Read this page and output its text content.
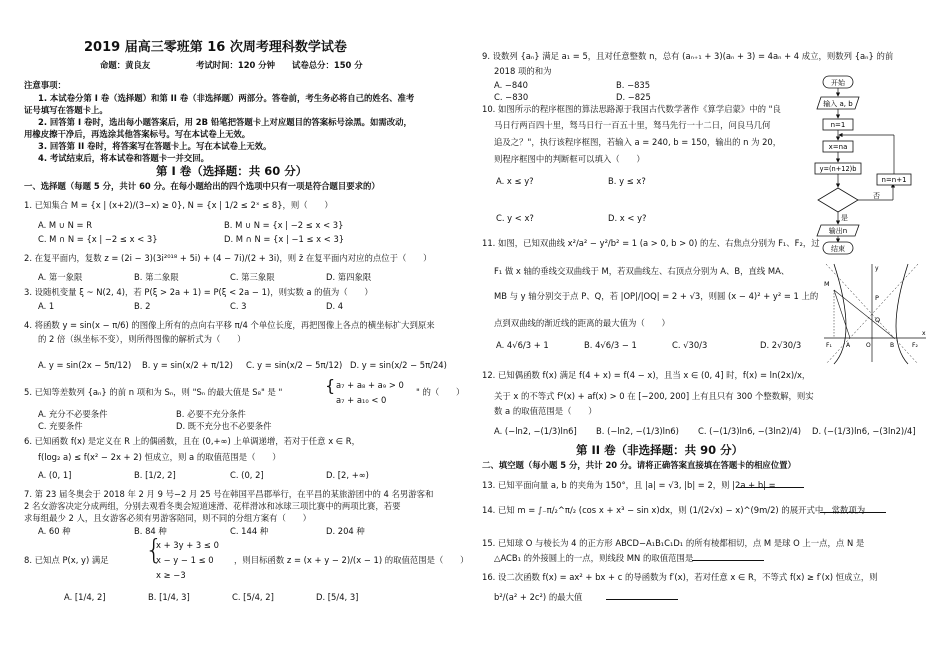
2019 届高三零班第 16 次周考理科数学试卷
命题：黄良友	考试时间：120 分钟 试卷总分：150 分
注意事项：
1. 本试卷分第 I 卷（选择题）和第 II 卷（非选择题）两部分。答卷前，考生务必将自己的姓名、准考
证号填写在答题卡上。
2. 回答第 I 卷时，选出每小题答案后，用 2B 铅笔把答题卡上对应题目的答案标号涂黑。如需改动，
用橡皮擦干净后，再选涂其他答案标号。写在本试卷上无效。
3. 回答第 II 卷时，将答案写在答题卡上。写在本试卷上无效。
4. 考试结束后，将本试卷和答题卡一并交回。
第 I 卷（选择题：共 60 分）
一、选择题（每题 5 分，共计 60 分。在每小题给出的四个选项中只有一项是符合题目要求的）
1. 已知集合 M = {x | (x+2)/(3−x) ≥ 0}, N = {x | 1/2 ≤ 2ˣ ≤ 8}，则（　　）
A. M ∪ N = R	B. M ∪ N = {x | −2 ≤ x < 3}
C. M ∩ N = {x | −2 ≤ x < 3}	D. M ∩ N = {x | −1 ≤ x < 3}
2. 在复平面内，复数 z = (2i − 3)(3i²⁰¹⁸ + 5i) + (4 − 7i)/(2 + 3i)，则 z̄ 在复平面内对应的点位于（　　）
A. 第一象限	B. 第二象限	C. 第三象限	D. 第四象限
3. 设随机变量 ξ ~ N(2, 4)，若 P(ξ > 2a + 1) = P(ξ < 2a − 1)，则实数 a 的值为（　　）
A. 1	B. 2	C. 3	D. 4
4. 将函数 y = sin(x − π/6) 的图像上所有的点向右平移 π/4 个单位长度，再把图像上各点的横坐标扩大到原来
的 2 倍（纵坐标不变），则所得图像的解析式为（　　）
A. y = sin(2x − 5π/12) B. y = sin(x/2 + π/12) C. y = sin(x/2 − 5π/12) D. y = sin(x/2 − 5π/24)
5. 已知等差数列 {aₙ} 的前 n 项和为 Sₙ，则 "Sₙ 的最大值是 S₈" 是 "	{ a₇ + a₈ + a₉ > 0
a₇ + a₁₀ < 0
" 的（　　）
A. 充分不必要条件	B. 必要不充分条件
C. 充要条件	D. 既不充分也不必要条件
6. 已知函数 f(x) 是定义在 R 上的偶函数，且在 (0,+∞) 上单调递增，若对于任意 x ∈ R，
f(log₂ a) ≤ f(x² − 2x + 2) 恒成立，则 a 的取值范围是（　　）
A. (0, 1]	B. [1/2, 2]	C. (0, 2]	D. [2, +∞)
7. 第 23 届冬奥会于 2018 年 2 月 9 号−2 月 25 号在韩国平昌郡举行，在平昌的某旅游团中的 4 名男游客和
2 名女游客决定分成两组，分别去观看冬奥会短道速滑、花样滑冰和冰球三项比赛中的两项比赛，若要
求每组最少 2 人，且女游客必须有男游客陪同，则不同的分组方案有（　　）
A. 60 种	B. 84 种	C. 144 种	D. 204 种
8. 已知点 P(x, y) 满足 {
x + 3y + 3 ≤ 0
x − y − 1 ≤ 0
x ≥ −3
，则目标函数 z = (x + y − 2)/(x − 1) 的取值范围是（　　）
A. [1/4, 2]	B. [1/4, 3]	C. [5/4, 2]	D. [5/4, 3]
9. 设数列 {aₙ} 满足 a₁ = 5，且对任意整数 n，总有 (aₙ₊₁ + 3)(aₙ + 3) = 4aₙ + 4 成立，则数列 {aₙ} 的前
2018 项的和为
A. −840	B. −835
C. −830	D. −825
10. 如图所示的程序框图的算法思路源于我国古代数学著作《算学启蒙》中的 "良
马日行两百四十里，驽马日行一百五十里，驽马先行一十二日，问良马几何
追及之？"，执行该程序框图，若输入 a = 240, b = 150，输出的 n 为 20，
则程序框图中的判断框可以填入（　　）
A. x ≤ y?	B. y ≤ x?
C. y < x?	D. x < y?
开始
输入 a, b
n=1
x=na
y=(n+12)b
否
n=n+1
是
输出n
结束
11. 如图，已知双曲线 x²/a² − y²/b² = 1 (a > 0, b > 0) 的左、右焦点分别为 F₁、F₂，过
F₁ 做 x 轴的垂线交双曲线于 M，若双曲线左、右顶点分别为 A、B，直线 MA、
MB 与 y 轴分别交于点 P、Q，若 |OP|/|OQ| = 2 + √3，则圆 (x − 4)² + y² = 1 上的
点到双曲线的渐近线的距离的最大值为（　　）
A. 4√6/3 + 1	B. 4√6/3 − 1	C. √30/3	D. 2√30/3
M
P
Q
F₁ A	O	B	F₂
x
y
12. 已知偶函数 f(x) 满足 f(4 + x) = f(4 − x)，且当 x ∈ (0, 4] 时，f(x) = ln(2x)/x，
关于 x 的不等式 f²(x) + af(x) > 0 在 [−200, 200] 上有且只有 300 个整数解，则实
数 a 的取值范围是（　　）
A. (−ln2, −(1/3)ln6] B. (−ln2, −(1/3)ln6) C. (−(1/3)ln6, −(3ln2)/4) D. (−(1/3)ln6, −(3ln2)/4]
第 II 卷（非选择题：共 90 分）
二、填空题（每小题 5 分，共计 20 分。请将正确答案直接填在答题卡的相应位置）
13. 已知平面向量 a, b 的夹角为 150°，且 |a| = √3, |b| = 2，则 |2a + b| =
14. 已知 m = ∫₋π/₂^π/₂ (cos x + x³ − sin x)dx，则 (1/(2√x) − x)^(9m/2) 的展开式中，常数项为
15. 已知球 O 与棱长为 4 的正方形 ABCD−A₁B₁C₁D₁ 的所有棱都相切，点 M 是球 O 上一点，点 N 是
△ACB₁ 的外接圆上的一点，则线段 MN 的取值范围是
16. 设二次函数 f(x) = ax² + bx + c 的导函数为 f′(x)，若对任意 x ∈ R，不等式 f(x) ≥ f′(x) 恒成立，则
b²/(a² + 2c²) 的最大值
